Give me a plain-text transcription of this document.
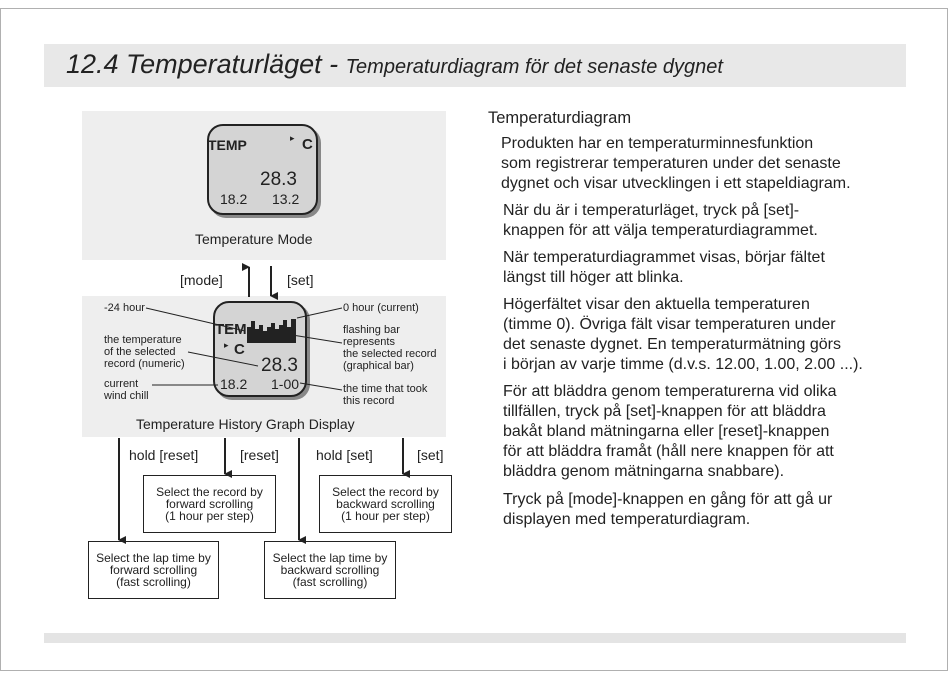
12.4 Temperaturläget - Temperaturdiagram för det senaste dygnet
TEMP	▸ C
28.3
18.2 13.2
Temperature Mode
[mode]	[set]
TEM
▸ C
28.3
18.2 1-00
Temperature History Graph Display
-24 hour
the temperature
of the selected
record (numeric)
current
wind chill
0 hour (current)
flashing bar
represents
the selected record
(graphical bar)
the time that took
this record
hold [reset]	[reset]	hold [set]	[set]
Select the record by
forward scrolling
(1 hour per step)
Select the record by
backward scrolling
(1 hour per step)
Select the lap time by
forward scrolling
(fast scrolling)
Select the lap time by
backward scrolling
(fast scrolling)
Temperaturdiagram

Produkten har en temperaturminnesfunktion

som registrerar temperaturen under det senaste

dygnet och visar utvecklingen i ett stapeldiagram.

När du är i temperaturläget, tryck på [set]-

knappen för att välja temperaturdiagrammet.

När temperaturdiagrammet visas, börjar fältet

längst till höger att blinka.

Högerfältet visar den aktuella temperaturen

(timme 0). Övriga fält visar temperaturen under

det senaste dygnet. En temperaturmätning görs

i början av varje timme (d.v.s. 12.00, 1.00, 2.00 ...).

För att bläddra genom temperaturerna vid olika

tillfällen, tryck på [set]-knappen för att bläddra

bakåt bland mätningarna eller [reset]-knappen

för att bläddra framåt (håll nere knappen för att

bläddra genom mätningarna snabbare).

Tryck på [mode]-knappen en gång för att gå ur

displayen med temperaturdiagram.
